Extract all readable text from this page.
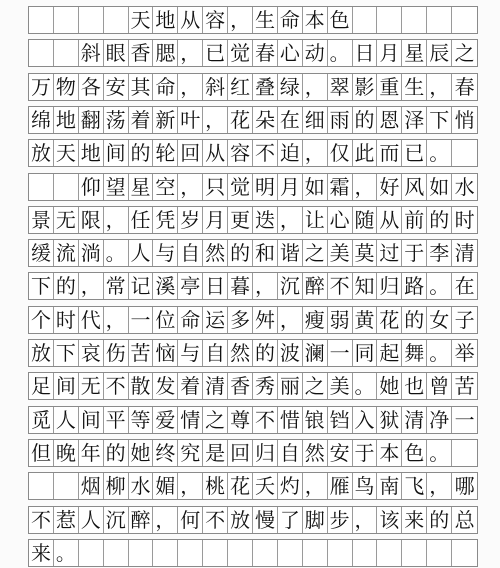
天 地 从 容 ， 生 命 本 色
斜 眼 香 腮 ， 已 觉 春 心 动 。 日 月 星 辰 之
万 物 各 安 其 命 ， 斜 红 叠 绿 ， 翠 影 重 生 ， 春
绵 地 翻 荡 着 新 叶 ， 花 朵 在 细 雨 的 恩 泽 下 悄
放 天 地 间 的 轮 回 从 容 不 迫 ， 仅 此 而 已 。
仰 望 星 空 ， 只 觉 明 月 如 霜 ， 好 风 如 水
景 无 限 ， 任 凭 岁 月 更 迭 ， 让 心 随 从 前 的 时
缓 流 淌 。 人 与 自 然 的 和 谐 之 美 莫 过 于 李 清
下 的 ， 常 记 溪 亭 日 暮 ， 沉 醉 不 知 归 路 。 在
个 时 代 ， 一 位 命 运 多 舛 ， 瘦 弱 黄 花 的 女 子
放 下 哀 伤 苦 恼 与 自 然 的 波 澜 一 同 起 舞 。 举
足 间 无 不 散 发 着 清 香 秀 丽 之 美 。 她 也 曾 苦
觅 人 间 平 等 爱 情 之 尊 不 惜 锒 铛 入 狱 清 净 一
但 晚 年 的 她 终 究 是 回 归 自 然 安 于 本 色 。
烟 柳 水 媚 ， 桃 花 夭 灼 ， 雁 鸟 南 飞 ， 哪
不 惹 人 沉 醉 ， 何 不 放 慢 了 脚 步 ， 该 来 的 总
来 。
